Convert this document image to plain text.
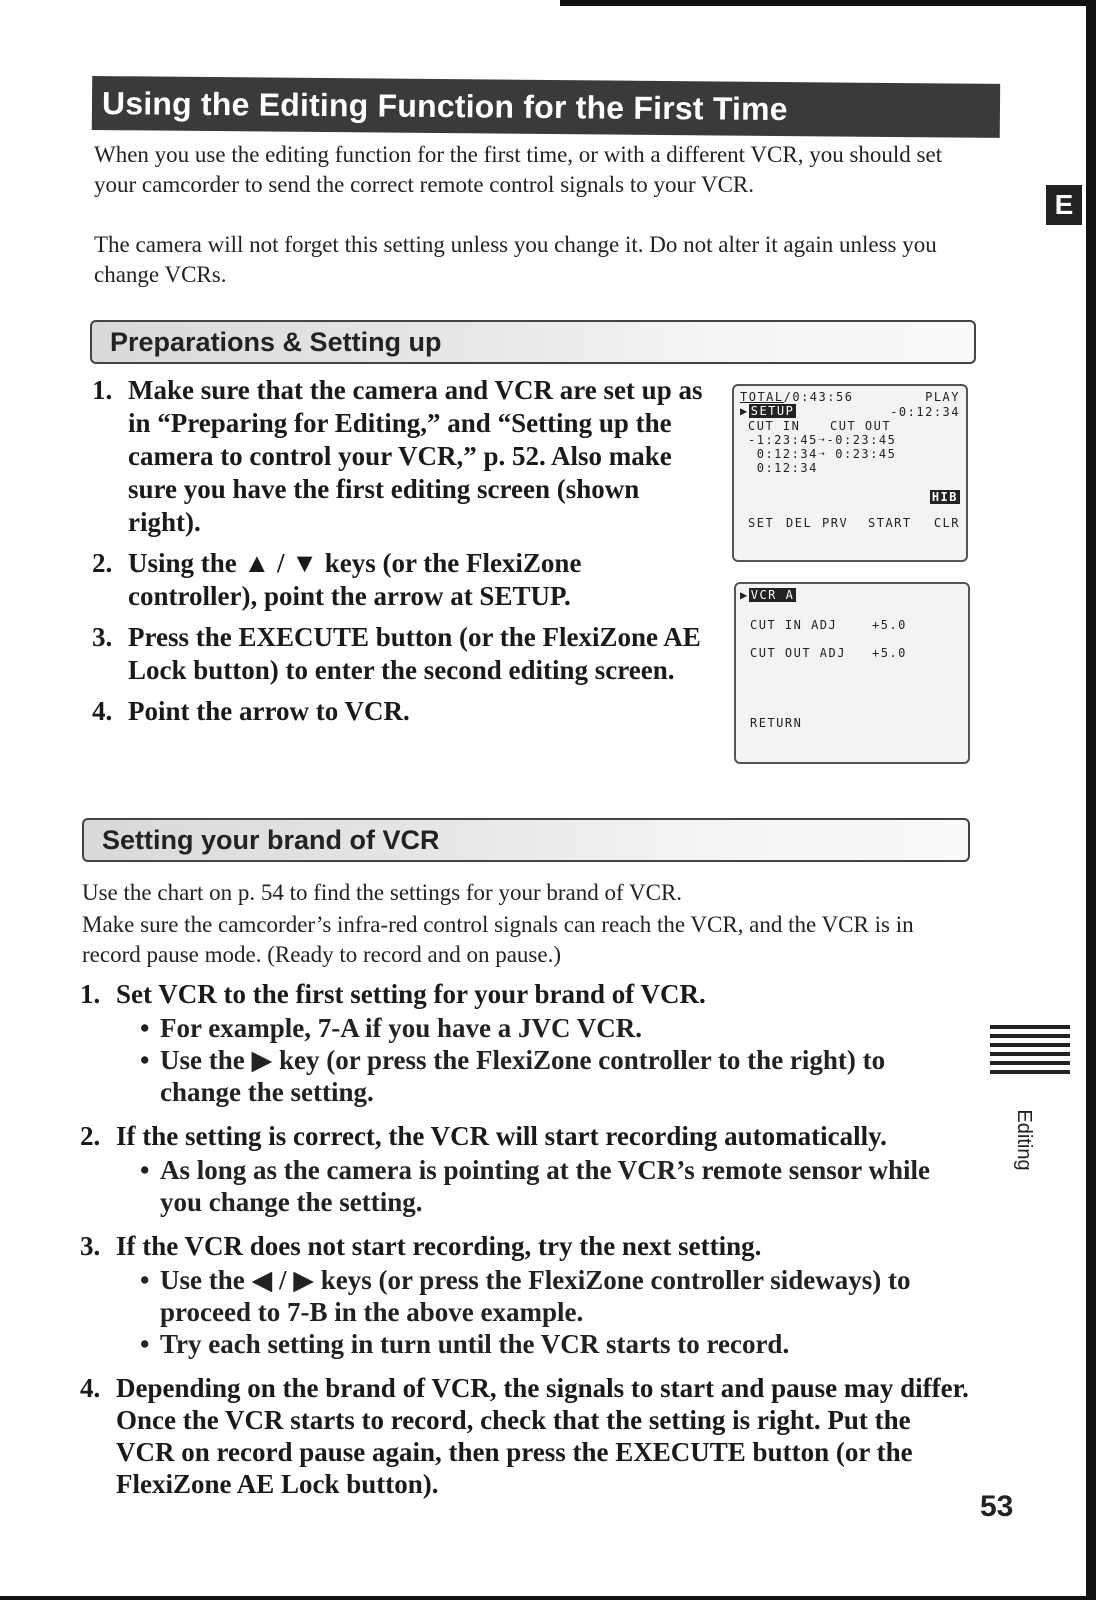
Using the Editing Function for the First Time
E

When you use the editing function for the first time, or with a different VCR, you should set your camcorder to send the correct remote control signals to your VCR.

The camera will not forget this setting unless you change it. Do not alter it again unless you change VCRs.

Preparations & Setting up
1. Make sure that the camera and VCR are set up as in “Preparing for Editing,” and “Setting up the camera to control your VCR,” p. 52. Also make sure you have the first editing screen (shown right).
2. Using the ▲ / ▼ keys (or the FlexiZone controller), point the arrow at SETUP.
3. Press the EXECUTE button (or the FlexiZone AE Lock button) to enter the second editing screen.
4. Point the arrow to VCR.
TOTAL/0:43:56	PLAY
▶ SETUP	-0:12:34
CUT IN CUT OUT
-1:23:45➝-0:23:45
0:12:34➝ 0:23:45
0:12:34
HIB
SET DEL PRV START CLR
▶ VCR A
CUT IN ADJ	+5.0
CUT OUT ADJ +5.0
RETURN
Setting your brand of VCR

Use the chart on p. 54 to find the settings for your brand of VCR.

Make sure the camcorder’s infra-red control signals can reach the VCR, and the VCR is in record pause mode. (Ready to record and on pause.)

1. Set VCR to the first setting for your brand of VCR.
• For example, 7-A if you have a JVC VCR.
• Use the ▶ key (or press the FlexiZone controller to the right) to change the setting.
2. If the setting is correct, the VCR will start recording automatically.
• As long as the camera is pointing at the VCR’s remote sensor while you change the setting.
3. If the VCR does not start recording, try the next setting.
• Use the ◀ / ▶ keys (or press the FlexiZone controller sideways) to proceed to 7-B in the above example.
• Try each setting in turn until the VCR starts to record.
4. Depending on the brand of VCR, the signals to start and pause may differ. Once the VCR starts to record, check that the setting is right. Put the VCR on record pause again, then press the EXECUTE button (or the FlexiZone AE Lock button).
Editing
53
